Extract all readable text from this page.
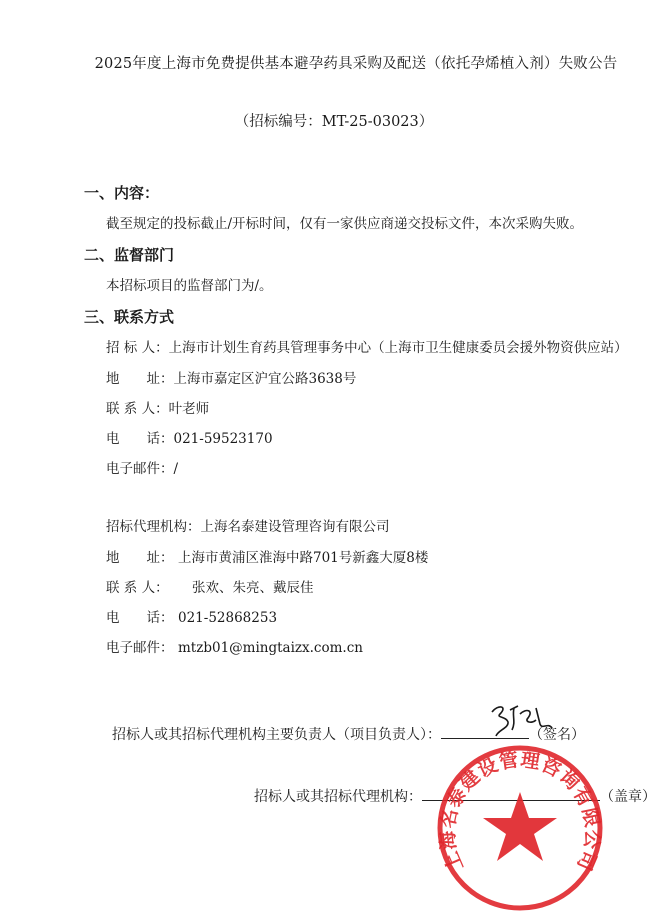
2025年度上海市免费提供基本避孕药具采购及配送（依托孕烯植入剂）失败公告
（招标编号：MT-25-03023）
一、内容：
截至规定的投标截止/开标时间，仅有一家供应商递交投标文件，本次采购失败。
二、监督部门
本招标项目的监督部门为/。
三、联系方式
招 标 人：上海市计划生育药具管理事务中心（上海市卫生健康委员会援外物资供应站）
地　　址：上海市嘉定区沪宜公路3638号
联 系 人：叶老师
电　　话：021-59523170
电子邮件：/
招标代理机构：上海名泰建设管理咨询有限公司
地　　址： 上海市黄浦区淮海中路701号新鑫大厦8楼
联 系 人： 张欢、朱亮、戴辰佳
电　　话： 021-52868253
电子邮件： mtzb01@mingtaizx.com.cn
招标人或其招标代理机构主要负责人（项目负责人）：	（签名）
招标人或其招标代理机构：	（盖章）
上海名泰建设管理咨询有限公司
